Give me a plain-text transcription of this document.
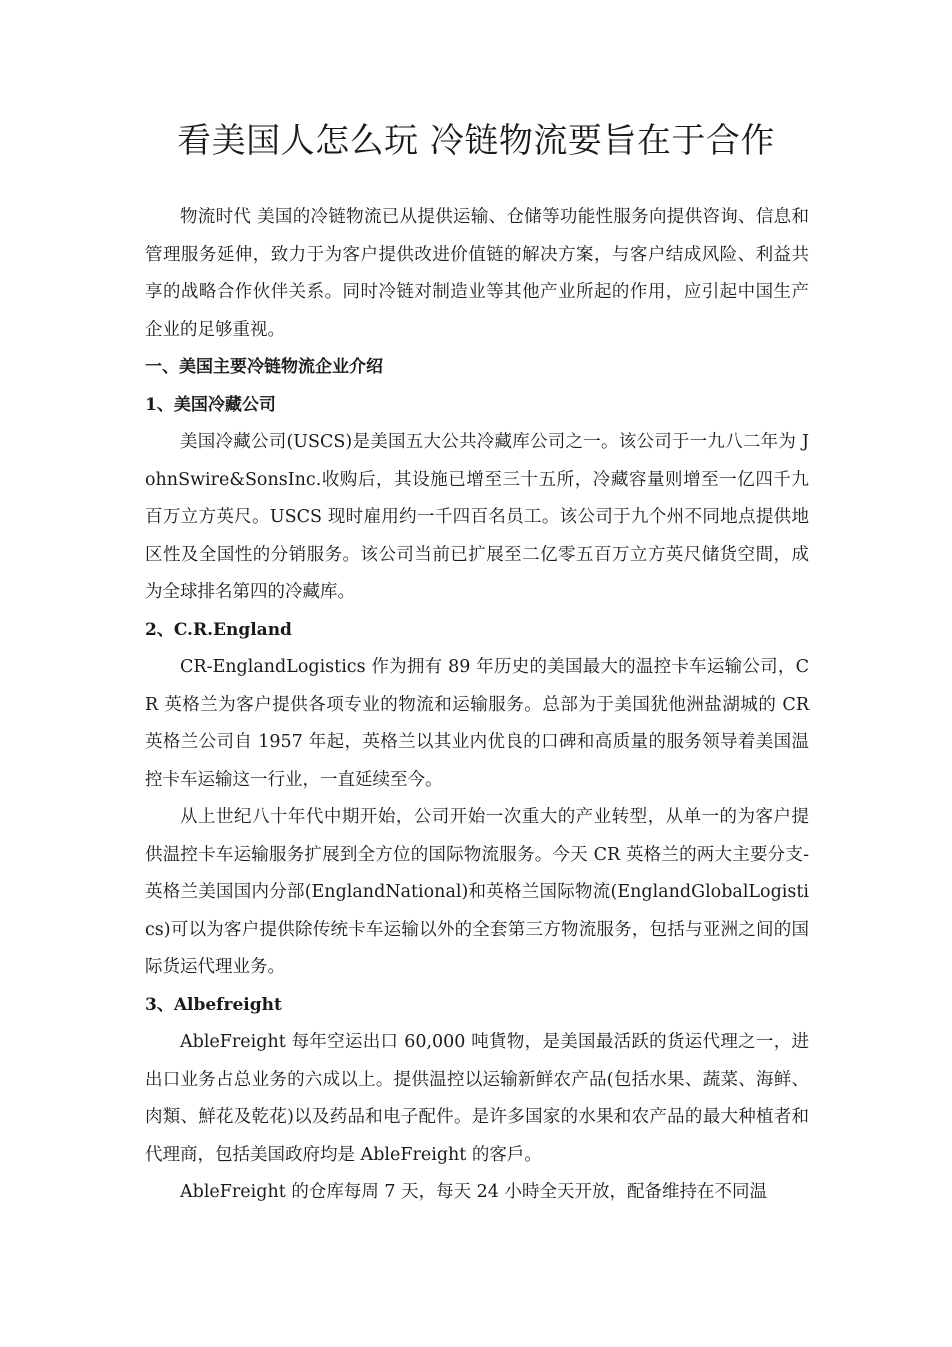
看美国人怎么玩 冷链物流要旨在于合作

物流时代 美国的冷链物流已从提供运输、仓储等功能性服务向提供咨询、信息和管理服务延伸，致力于为客户提供改进价值链的解决方案，与客户结成风险、利益共享的战略合作伙伴关系。同时冷链对制造业等其他产业所起的作用，应引起中国生产企业的足够重视。

一、美国主要冷链物流企业介绍

1、美国冷藏公司

美国冷藏公司(USCS)是美国五大公共冷藏库公司之一。该公司于一九八二年为 JohnSwire&SonsInc.收购后，其设施已增至三十五所，冷藏容量则增至一亿四千九百万立方英尺。USCS 现时雇用约一千四百名员工。该公司于九个州不同地点提供地区性及全国性的分销服务。该公司当前已扩展至二亿零五百万立方英尺储货空間，成为全球排名第四的冷藏库。

2、C.R.England

CR-EnglandLogistics 作为拥有 89 年历史的美国最大的温控卡车运输公司，CR 英格兰为客户提供各项专业的物流和运输服务。总部为于美国犹他洲盐湖城的 CR 英格兰公司自 1957 年起，英格兰以其业内优良的口碑和高质量的服务领导着美国温控卡车运输这一行业，一直延续至今。

从上世纪八十年代中期开始，公司开始一次重大的产业转型，从单一的为客户提供温控卡车运输服务扩展到全方位的国际物流服务。今天 CR 英格兰的两大主要分支-英格兰美国国内分部(EnglandNational)和英格兰国际物流(EnglandGlobalLogistics)可以为客户提供除传统卡车运输以外的全套第三方物流服务，包括与亚洲之间的国际货运代理业务。

3、Albefreight

AbleFreight 每年空运出口 60,000 吨貨物，是美国最活跃的货运代理之一，进出口业务占总业务的六成以上。提供温控以运输新鲜农产品(包括水果、蔬菜、海鲜、肉類、鮮花及乾花)以及药品和电子配件。是许多国家的水果和农产品的最大种植者和代理商，包括美国政府均是 AbleFreight 的客戶。

AbleFreight 的仓库每周 7 天，每天 24 小時全天开放，配备维持在不同温
